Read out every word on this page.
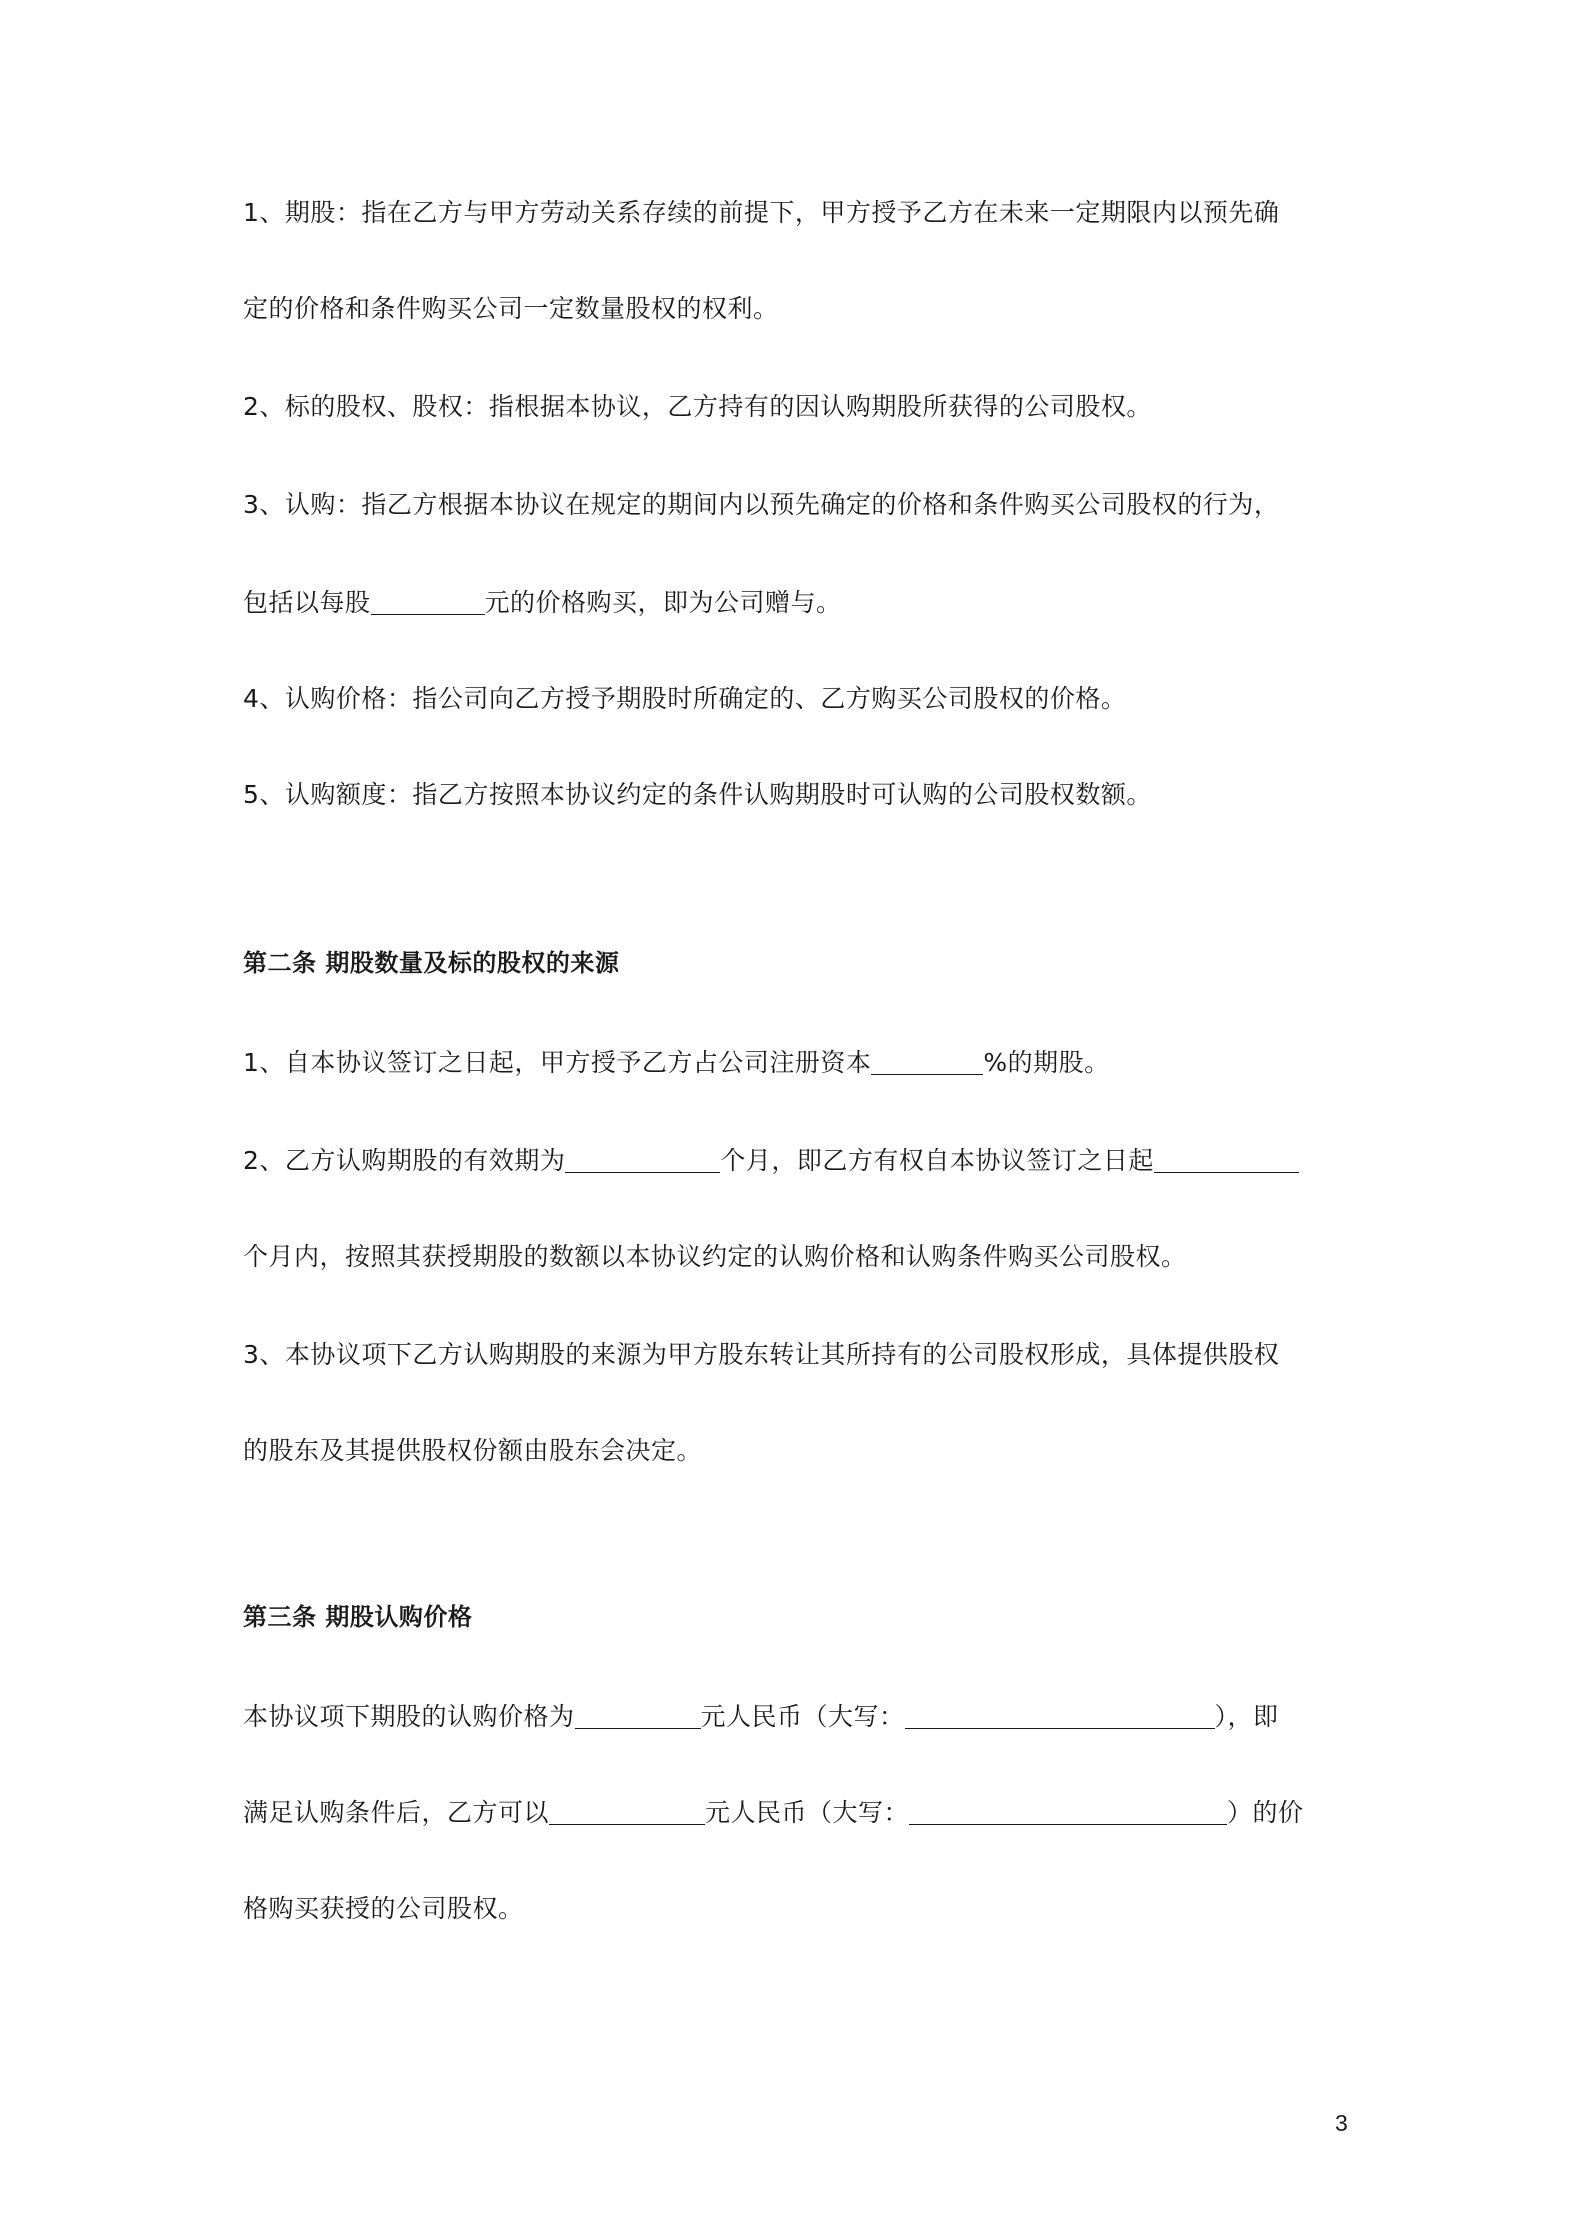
1、期股：指在乙方与甲方劳动关系存续的前提下，甲方授予乙方在未来一定期限内以预先确
定的价格和条件购买公司一定数量股权的权利。
2、标的股权、股权：指根据本协议，乙方持有的因认购期股所获得的公司股权。
3、认购：指乙方根据本协议在规定的期间内以预先确定的价格和条件购买公司股权的行为，
包括以每股	元的价格购买，即为公司赠与。
4、认购价格：指公司向乙方授予期股时所确定的、乙方购买公司股权的价格。
5、认购额度：指乙方按照本协议约定的条件认购期股时可认购的公司股权数额。
第二条 期股数量及标的股权的来源
1、自本协议签订之日起，甲方授予乙方占公司注册资本	%的期股。
2、乙方认购期股的有效期为	个月，即乙方有权自本协议签订之日起
个月内，按照其获授期股的数额以本协议约定的认购价格和认购条件购买公司股权。
3、本协议项下乙方认购期股的来源为甲方股东转让其所持有的公司股权形成，具体提供股权
的股东及其提供股权份额由股东会决定。
第三条 期股认购价格
本协议项下期股的认购价格为	元人民币（大写：	），即
满足认购条件后，乙方可以	元人民币（大写：	）的价
格购买获授的公司股权。
3
